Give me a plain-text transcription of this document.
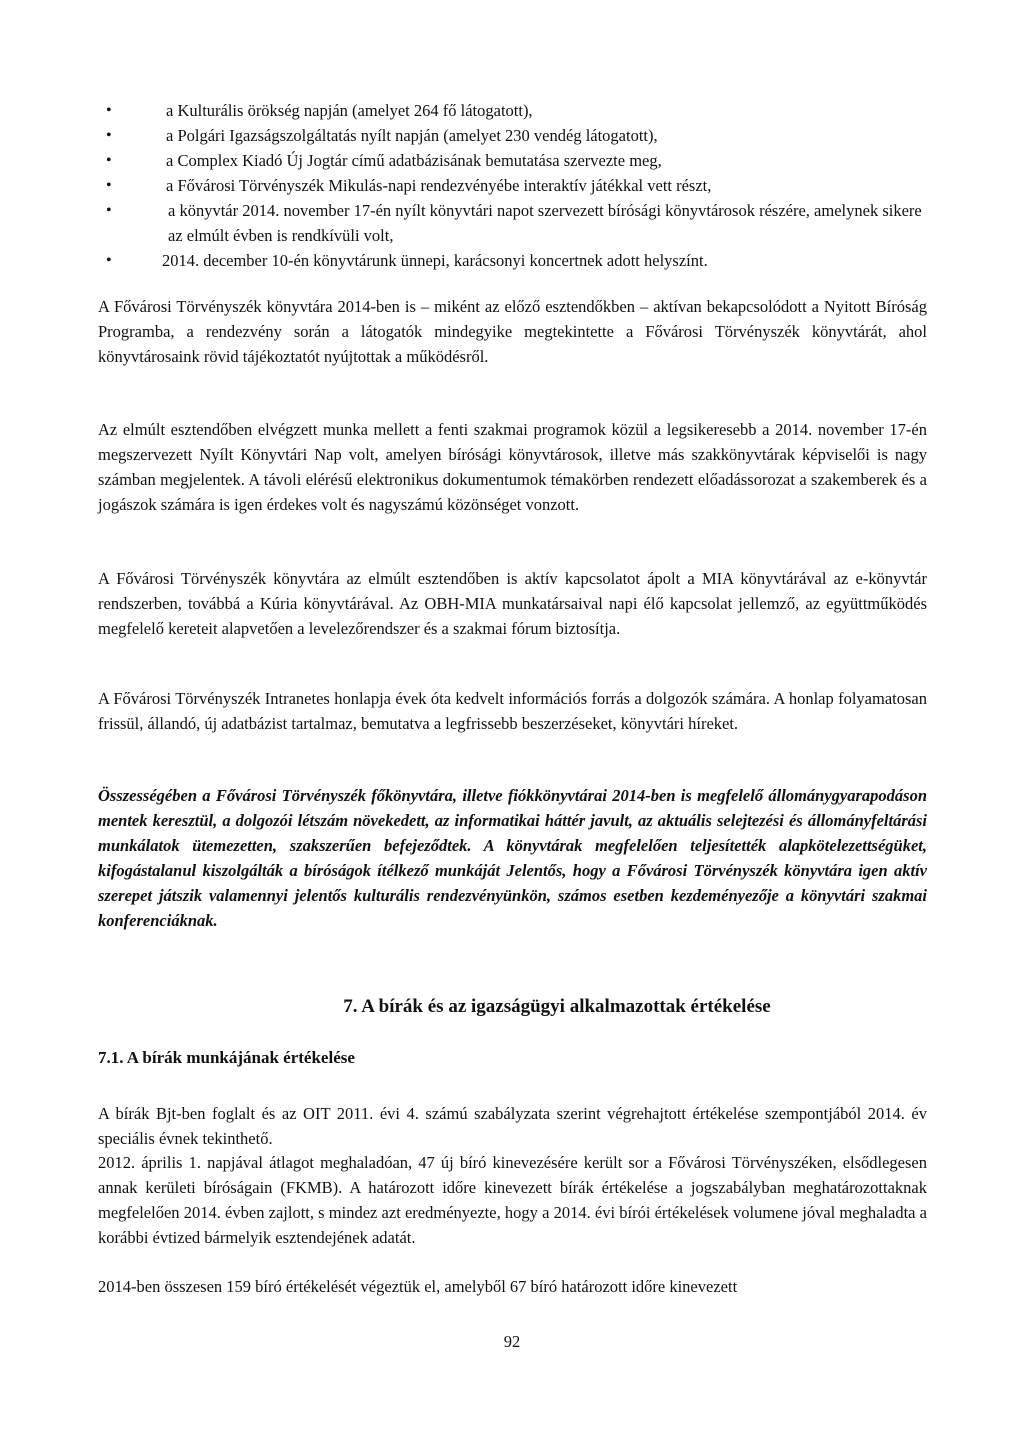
•	a Kulturális örökség napján (amelyet 264 fő látogatott),
•	a Polgári Igazságszolgáltatás nyílt napján (amelyet 230 vendég látogatott),
•	a Complex Kiadó Új Jogtár című adatbázisának bemutatása szervezte meg,
•	a Fővárosi Törvényszék Mikulás-napi rendezvényébe interaktív játékkal vett részt,
•	a könyvtár 2014. november 17-én nyílt könyvtári napot szervezett bírósági könyvtárosok részére, amelynek sikere az elmúlt évben is rendkívüli volt,
•	2014. december 10-én könyvtárunk ünnepi, karácsonyi koncertnek adott helyszínt.

A Fővárosi Törvényszék könyvtára 2014-ben is – miként az előző esztendőkben – aktívan bekapcsolódott a Nyitott Bíróság Programba, a rendezvény során a látogatók mindegyike megtekintette a Fővárosi Törvényszék könyvtárát, ahol könyvtárosaink rövid tájékoztatót nyújtottak a működésről.

Az elmúlt esztendőben elvégzett munka mellett a fenti szakmai programok közül a legsikeresebb a 2014. november 17-én megszervezett Nyílt Könyvtári Nap volt, amelyen bírósági könyvtárosok, illetve más szakkönyvtárak képviselői is nagy számban megjelentek. A távoli elérésű elektronikus dokumentumok témakörben rendezett előadássorozat a szakemberek és a jogászok számára is igen érdekes volt és nagyszámú közönséget vonzott.

A Fővárosi Törvényszék könyvtára az elmúlt esztendőben is aktív kapcsolatot ápolt a MIA könyvtárával az e-könyvtár rendszerben, továbbá a Kúria könyvtárával. Az OBH-MIA munkatársaival napi élő kapcsolat jellemző, az együttműködés megfelelő kereteit alapvetően a levelezőrendszer és a szakmai fórum biztosítja.

A Fővárosi Törvényszék Intranetes honlapja évek óta kedvelt információs forrás a dolgozók számára. A honlap folyamatosan frissül, állandó, új adatbázist tartalmaz, bemutatva a legfrissebb beszerzéseket, könyvtári híreket.

Összességében a Fővárosi Törvényszék főkönyvtára, illetve fiókkönyvtárai 2014-ben is megfelelő állománygyarapodáson mentek keresztül, a dolgozói létszám növekedett, az informatikai háttér javult, az aktuális selejtezési és állományfeltárási munkálatok ütemezetten, szakszerűen befejeződtek. A könyvtárak megfelelően teljesítették alapkötelezettségüket, kifogástalanul kiszolgálták a bíróságok ítélkező munkáját Jelentős, hogy a Fővárosi Törvényszék könyvtára igen aktív szerepet játszik valamennyi jelentős kulturális rendezvényünkön, számos esetben kezdeményezője a könyvtári szakmai konferenciáknak.

7. A bírák és az igazságügyi alkalmazottak értékelése
7.1. A bírák munkájának értékelése

A bírák Bjt-ben foglalt és az OIT 2011. évi 4. számú szabályzata szerint végrehajtott értékelése szempontjából 2014. év speciális évnek tekinthető.

2012. április 1. napjával átlagot meghaladóan, 47 új bíró kinevezésére került sor a Fővárosi Törvényszéken, elsődlegesen annak kerületi bíróságain (FKMB). A határozott időre kinevezett bírák értékelése a jogszabályban meghatározottaknak megfelelően 2014. évben zajlott, s mindez azt eredményezte, hogy a 2014. évi bírói értékelések volumene jóval meghaladta a korábbi évtized bármelyik esztendejének adatát.

2014-ben összesen 159 bíró értékelését végeztük el, amelyből 67 bíró határozott időre kinevezett

92
